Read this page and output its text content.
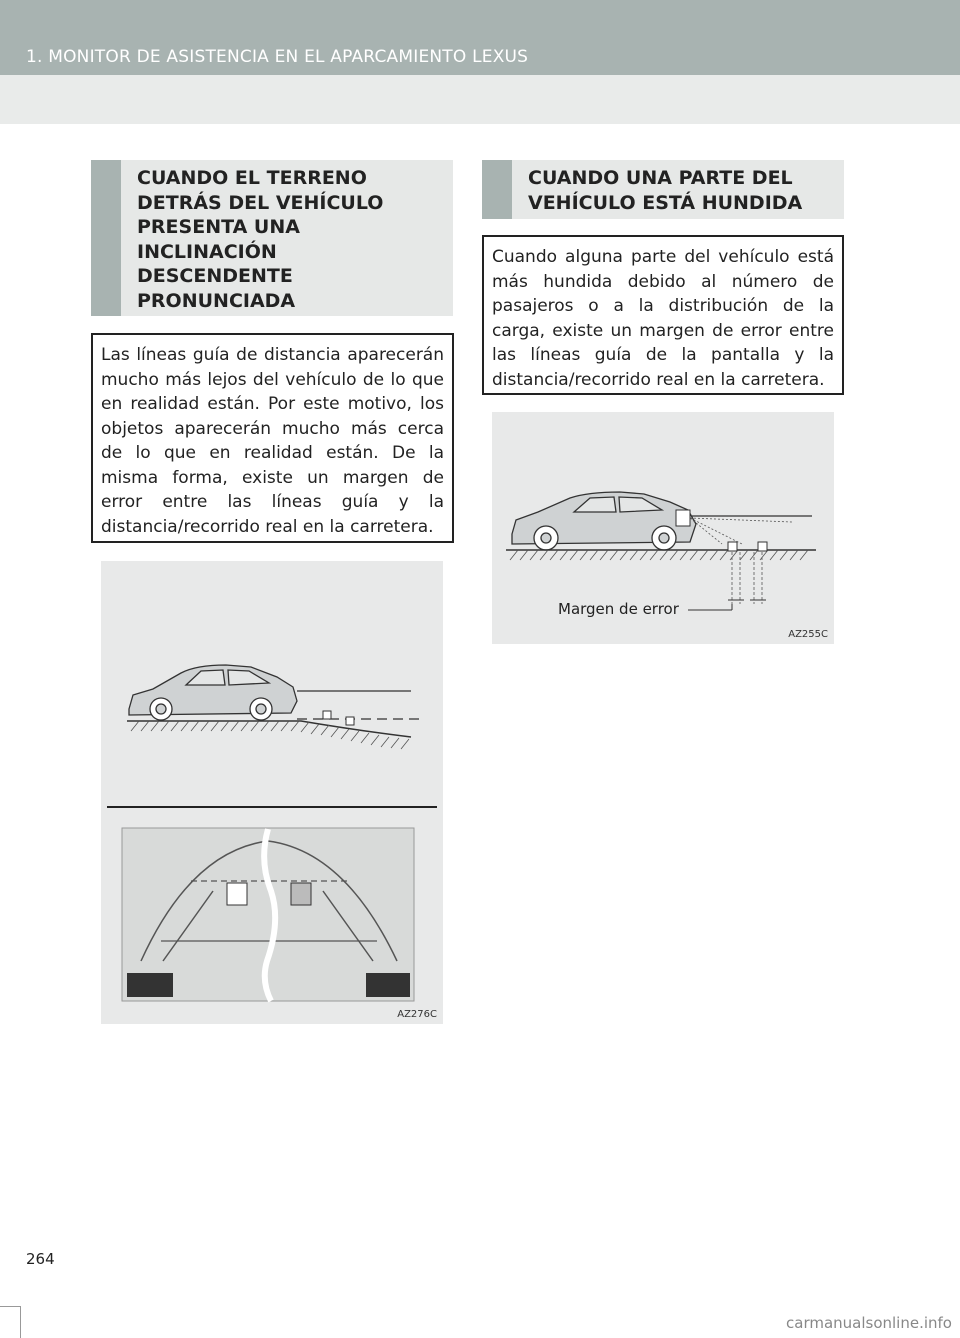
1. MONITOR DE ASISTENCIA EN EL APARCAMIENTO LEXUS
CUANDO EL TERRENO
DETRÁS DEL VEHÍCULO
PRESENTA UNA
INCLINACIÓN
DESCENDENTE
PRONUNCIADA
Las líneas guía de distancia aparecerán mucho más lejos del vehículo de lo que en realidad están. Por este motivo, los objetos aparecerán mucho más cerca de lo que en realidad están. De la misma forma, existe un margen de error entre las líneas guía y la distancia/recorrido real en la carretera.
AZ276C
CUANDO UNA PARTE DEL
VEHÍCULO ESTÁ HUNDIDA
Cuando alguna parte del vehículo está más hundida debido al número de pasajeros o a la distribución de la carga, existe un margen de error entre las líneas guía de la pantalla y la distancia/recorrido real en la carretera.
Margen de error
AZ255C
264
carmanualsonline.info
